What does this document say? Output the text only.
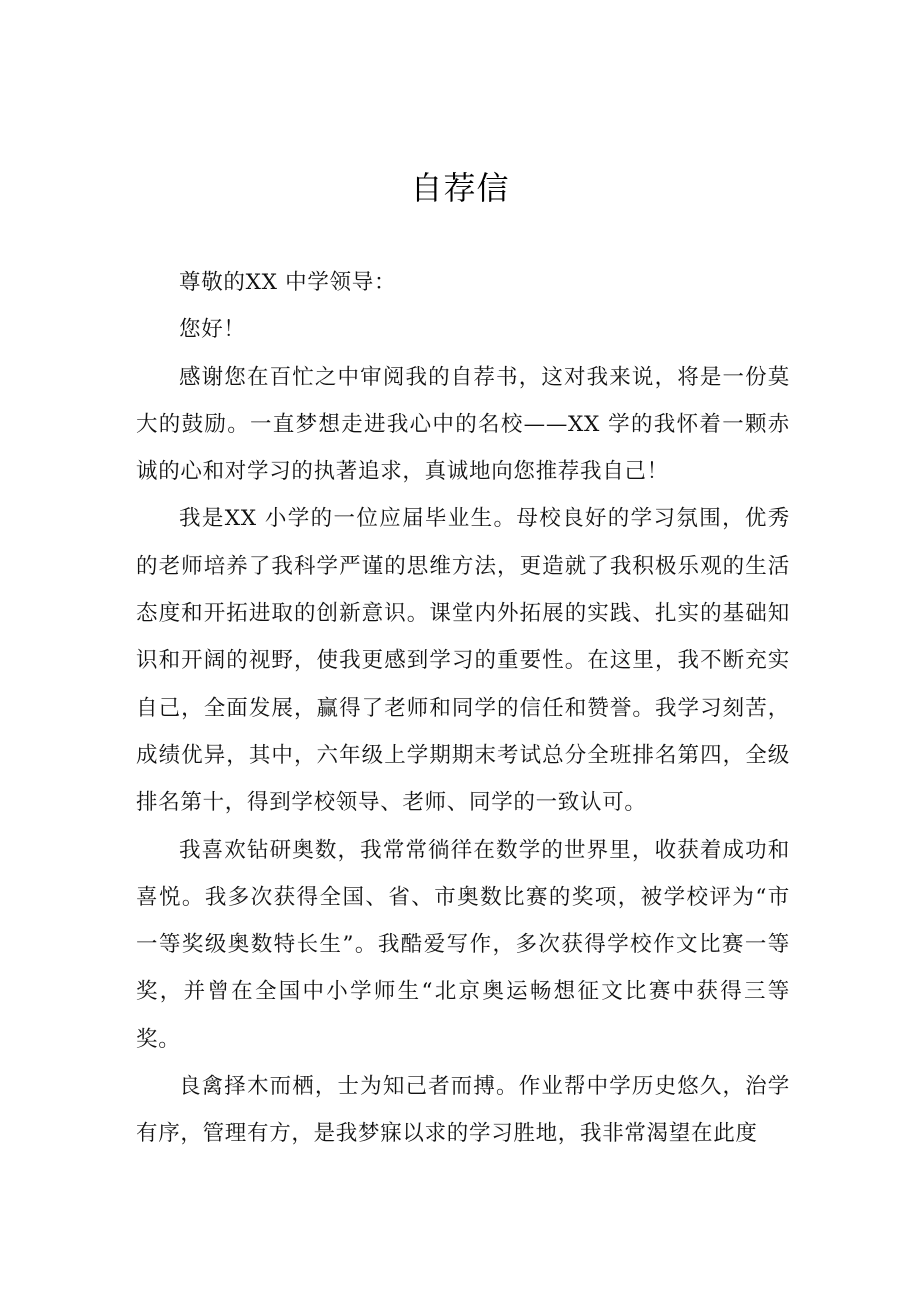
自荐信

尊敬的XX 中学领导：

您好！

感谢您在百忙之中审阅我的自荐书，这对我来说，将是一份莫大的鼓励。一直梦想走进我心中的名校——XX 学的我怀着一颗赤诚的心和对学习的执著追求，真诚地向您推荐我自己！

我是XX 小学的一位应届毕业生。母校良好的学习氛围，优秀的老师培养了我科学严谨的思维方法，更造就了我积极乐观的生活态度和开拓进取的创新意识。课堂内外拓展的实践、扎实的基础知识和开阔的视野，使我更感到学习的重要性。在这里，我不断充实自己，全面发展，赢得了老师和同学的信任和赞誉。我学习刻苦，成绩优异，其中，六年级上学期期末考试总分全班排名第四，全级排名第十，得到学校领导、老师、同学的一致认可。

我喜欢钻研奥数，我常常徜徉在数学的世界里，收获着成功和喜悦。我多次获得全国、省、市奥数比赛的奖项，被学校评为“市一等奖级奥数特长生”。我酷爱写作，多次获得学校作文比赛一等奖，并曾在全国中小学师生“北京奥运畅想征文比赛中获得三等奖。

良禽择木而栖，士为知己者而搏。作业帮中学历史悠久，治学有序，管理有方，是我梦寐以求的学习胜地，我非常渴望在此度
